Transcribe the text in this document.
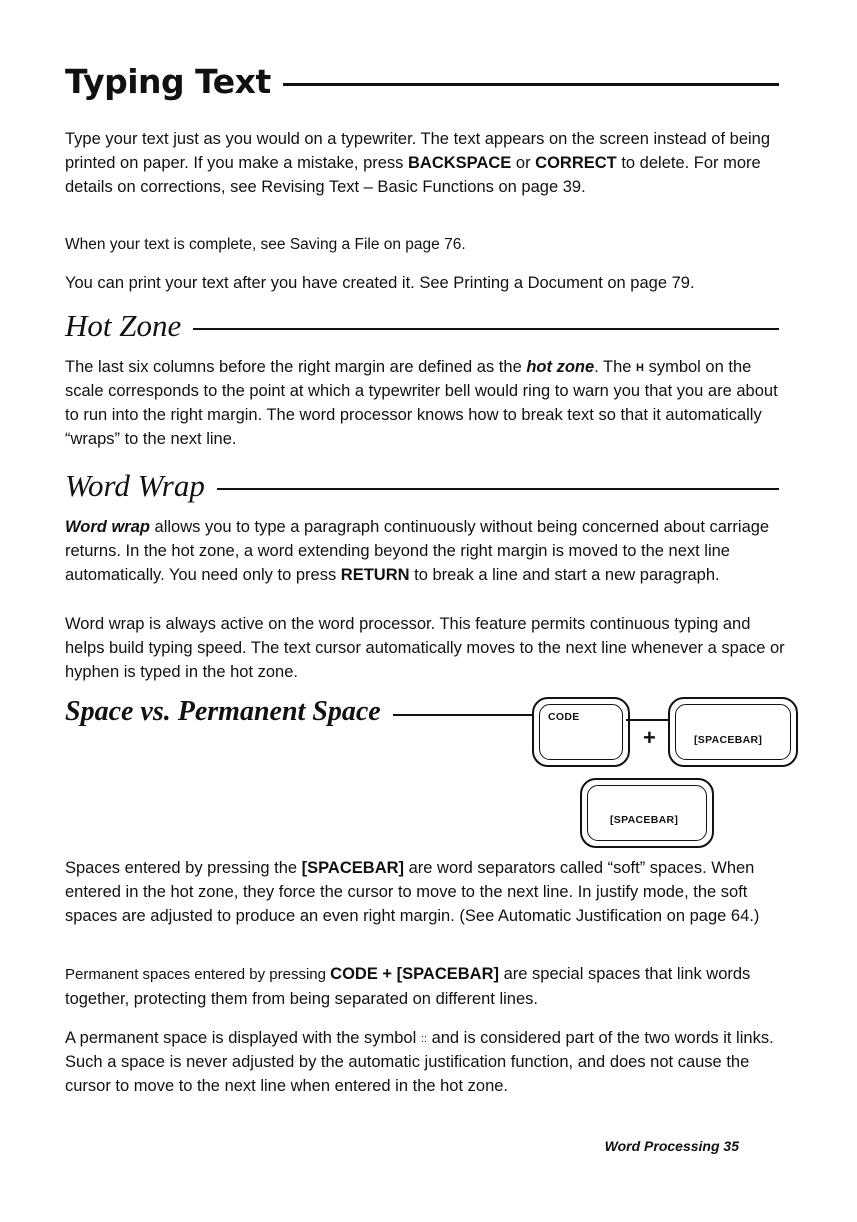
Typing Text

Type your text just as you would on a typewriter. The text appears on the screen instead of being printed on paper. If you make a mistake, press BACKSPACE or CORRECT to delete. For more details on corrections, see Revising Text – Basic Functions on page 39.

When your text is complete, see Saving a File on page 76.

You can print your text after you have created it. See Printing a Document on page 79.

Hot Zone

The last six columns before the right margin are defined as the hot zone. The H symbol on the scale corresponds to the point at which a typewriter bell would ring to warn you that you are about to run into the right margin. The word processor knows how to break text so that it automatically “wraps” to the next line.

Word Wrap

Word wrap allows you to type a paragraph continuously without being concerned about carriage returns. In the hot zone, a word extending beyond the right margin is moved to the next line automatically. You need only to press RETURN to break a line and start a new paragraph.

Word wrap is always active on the word processor. This feature permits continuous typing and helps build typing speed. The text cursor automatically moves to the next line whenever a space or hyphen is typed in the hot zone.

Space vs. Permanent Space	CODE
+	[SPACEBAR]
[SPACEBAR]

Spaces entered by pressing the [SPACEBAR] are word separators called “soft” spaces. When entered in the hot zone, they force the cursor to move to the next line. In justify mode, the soft spaces are adjusted to produce an even right margin. (See Automatic Justification on page 64.)

Permanent spaces entered by pressing CODE + [SPACEBAR] are special spaces that link words together, protecting them from being separated on different lines.

A permanent space is displayed with the symbol :: and is considered part of the two words it links. Such a space is never adjusted by the automatic justification function, and does not cause the cursor to move to the next line when entered in the hot zone.

Word Processing 35
